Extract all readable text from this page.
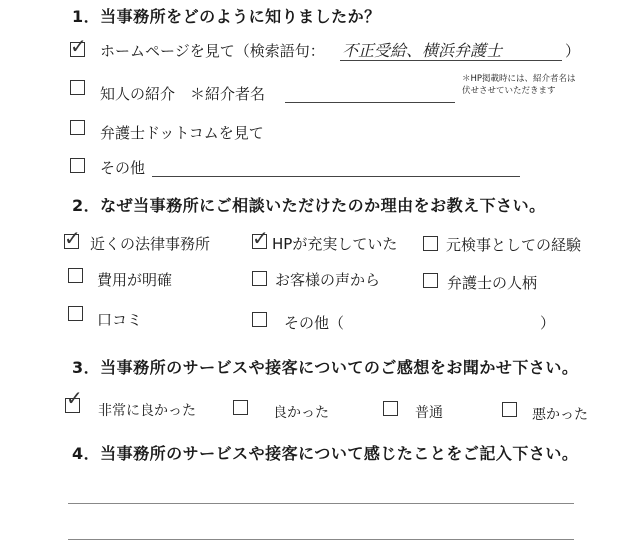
1．当事務所をどのように知りましたか？
✓ ホームページを見て（検索語句： 不正受給、横浜弁護士	）
知人の紹介　＊紹介者名
＊HP掲載時には、紹介者名は
伏せさせていただきます
弁護士ドットコムを見て
その他
2．なぜ当事務所にご相談いただけたのか理由をお教え下さい。
✓ 近くの法律事務所 ✓ HPが充実していた	元検事としての経験
費用が明確	お客様の声から	弁護士の人柄
口コミ	その他（	）
3．当事務所のサービスや接客についてのご感想をお聞かせ下さい。
✓
非常に良かった	良かった	普通	悪かった
4．当事務所のサービスや接客について感じたことをご記入下さい。
